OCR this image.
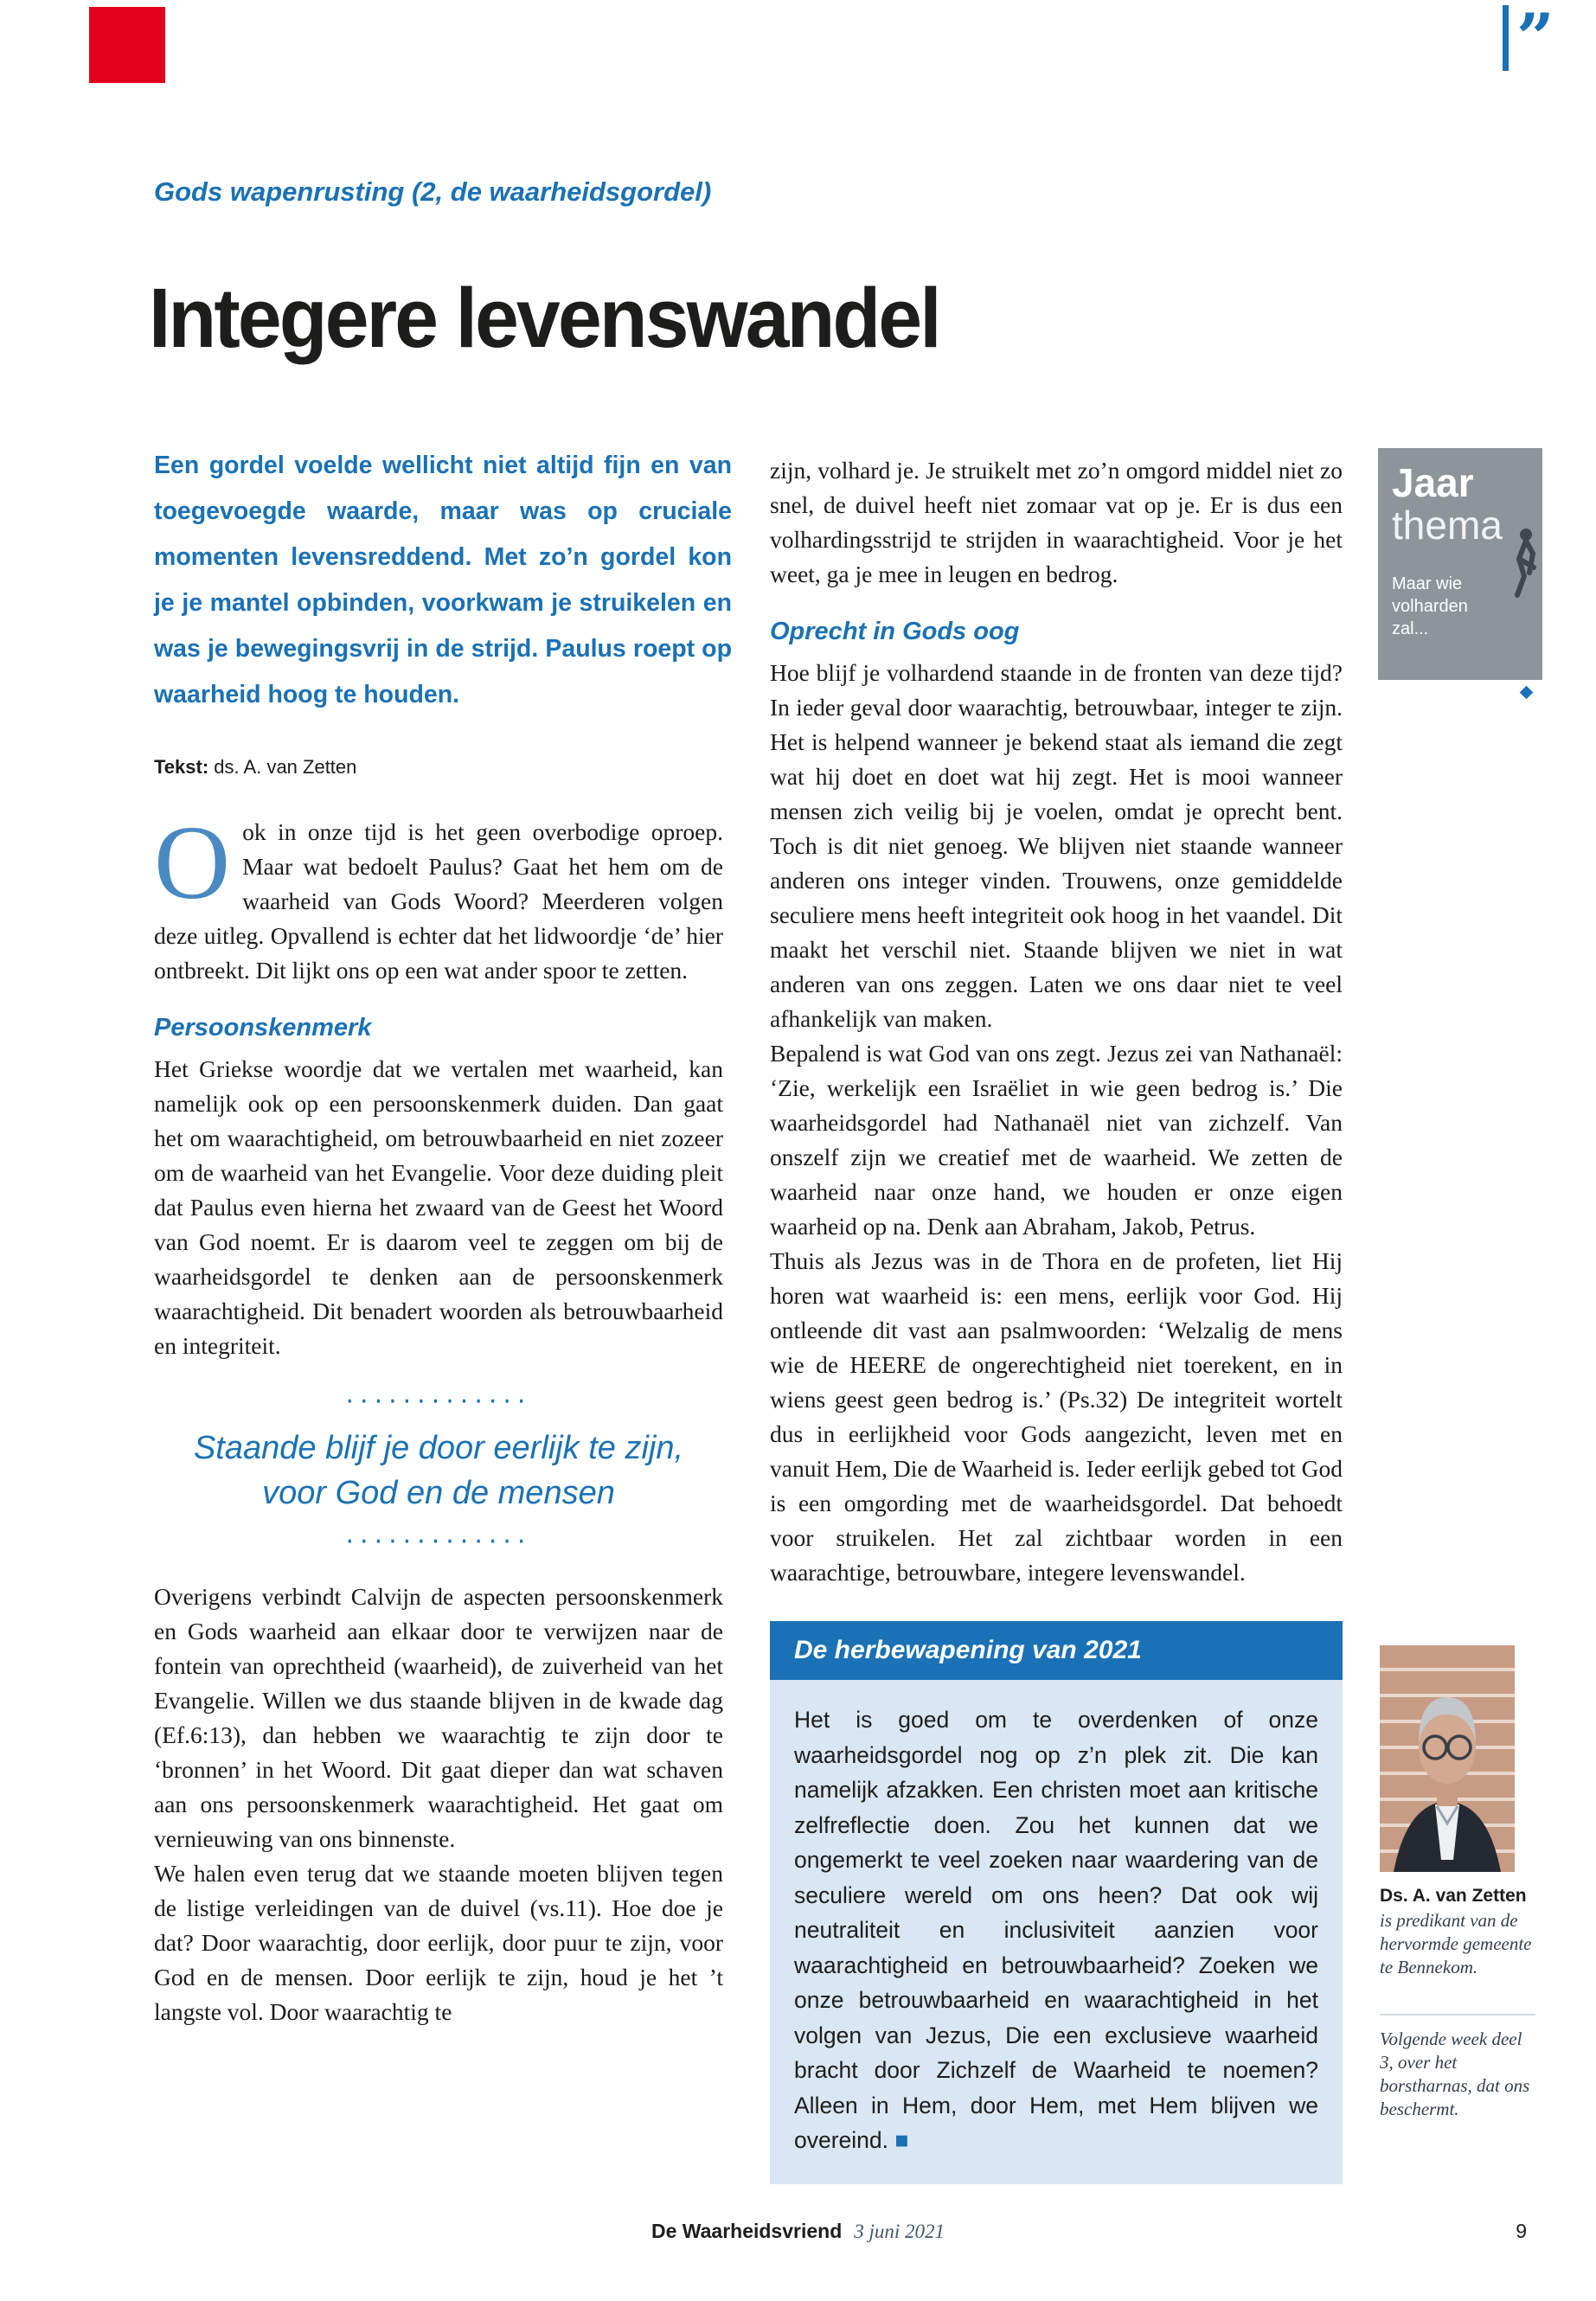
”
Gods wapenrusting (2, de waarheidsgordel)
Integere levenswandel

Een gordel voelde wellicht niet altijd fijn en van toegevoegde waarde, maar was op cruciale momenten levensreddend. Met zo’n gordel kon je je mantel opbinden, voorkwam je struikelen en was je bewegingsvrij in de strijd. Paulus roept op waarheid hoog te houden.

Tekst: ds. A. van Zetten

Ook in onze tijd is het geen overbodige oproep. Maar wat bedoelt Paulus? Gaat het hem om de waarheid van Gods Woord? Meerderen volgen deze uitleg. Opvallend is echter dat het lidwoordje ‘de’ hier ontbreekt. Dit lijkt ons op een wat ander spoor te zetten.

Persoonskenmerk

Het Griekse woordje dat we vertalen met waarheid, kan namelijk ook op een persoonskenmerk duiden. Dan gaat het om waarachtigheid, om betrouwbaarheid en niet zozeer om de waarheid van het Evangelie. Voor deze duiding pleit dat Paulus even hierna het zwaard van de Geest het Woord van God noemt. Er is daarom veel te zeggen om bij de waarheidsgordel te denken aan de persoonskenmerk waarachtigheid. Dit benadert woorden als betrouwbaarheid en integriteit.

·············
Staande blijf je door eerlijk te zijn, voor God en de mensen
·············

Overigens verbindt Calvijn de aspecten persoonskenmerk en Gods waarheid aan elkaar door te verwijzen naar de fontein van oprechtheid (waarheid), de zuiverheid van het Evangelie. Willen we dus staande blijven in de kwade dag (Ef.6:13), dan hebben we waarachtig te zijn door te ‘bronnen’ in het Woord. Dit gaat dieper dan wat schaven aan ons persoonskenmerk waarachtigheid. Het gaat om vernieuwing van ons binnenste.

We halen even terug dat we staande moeten blijven tegen de listige verleidingen van de duivel (vs.11). Hoe doe je dat? Door waarachtig, door eerlijk, door puur te zijn, voor God en de mensen. Door eerlijk te zijn, houd je het ’t langste vol. Door waarachtig te

zijn, volhard je. Je struikelt met zo’n omgord middel niet zo snel, de duivel heeft niet zomaar vat op je. Er is dus een volhardingsstrijd te strijden in waarachtigheid. Voor je het weet, ga je mee in leugen en bedrog.

Oprecht in Gods oog

Hoe blijf je volhardend staande in de fronten van deze tijd? In ieder geval door waarachtig, betrouwbaar, integer te zijn. Het is helpend wanneer je bekend staat als iemand die zegt wat hij doet en doet wat hij zegt. Het is mooi wanneer mensen zich veilig bij je voelen, omdat je oprecht bent. Toch is dit niet genoeg. We blijven niet staande wanneer anderen ons integer vinden. Trouwens, onze gemiddelde seculiere mens heeft integriteit ook hoog in het vaandel. Dit maakt het verschil niet. Staande blijven we niet in wat anderen van ons zeggen. Laten we ons daar niet te veel afhankelijk van maken.

Bepalend is wat God van ons zegt. Jezus zei van Nathanaël: ‘Zie, werkelijk een Israëliet in wie geen bedrog is.’ Die waarheidsgordel had Nathanaël niet van zichzelf. Van onszelf zijn we creatief met de waarheid. We zetten de waarheid naar onze hand, we houden er onze eigen waarheid op na. Denk aan Abraham, Jakob, Petrus.

Thuis als Jezus was in de Thora en de profeten, liet Hij horen wat waarheid is: een mens, eerlijk voor God. Hij ontleende dit vast aan psalmwoorden: ‘Welzalig de mens wie de HEERE de ongerechtigheid niet toerekent, en in wiens geest geen bedrog is.’ (Ps.32) De integriteit wortelt dus in eerlijkheid voor Gods aangezicht, leven met en vanuit Hem, Die de Waarheid is. Ieder eerlijk gebed tot God is een omgording met de waarheidsgordel. Dat behoedt voor struikelen. Het zal zichtbaar worden in een waarachtige, betrouwbare, integere levenswandel.

De herbewapening van 2021
Het is goed om te overdenken of onze waarheidsgordel nog op z’n plek zit. Die kan namelijk afzakken. Een christen moet aan kritische zelfreflectie doen. Zou het kunnen dat we ongemerkt te veel zoeken naar waardering van de seculiere wereld om ons heen? Dat ook wij neutraliteit en inclusiviteit aanzien voor waarachtigheid en betrouwbaarheid? Zoeken we onze betrouwbaarheid en waarachtigheid in het volgen van Jezus, Die een exclusieve waarheid bracht door Zichzelf de Waarheid te noemen? Alleen in Hem, door Hem, met Hem blijven we overeind. ■
Jaar
thema
Maar wie volharden zal...
Ds. A. van Zetten
is predikant van de hervormde gemeente te Bennekom.
Volgende week deel 3, over het borstharnas, dat ons beschermt.
De Waarheidsvriend 3 juni 2021	9
